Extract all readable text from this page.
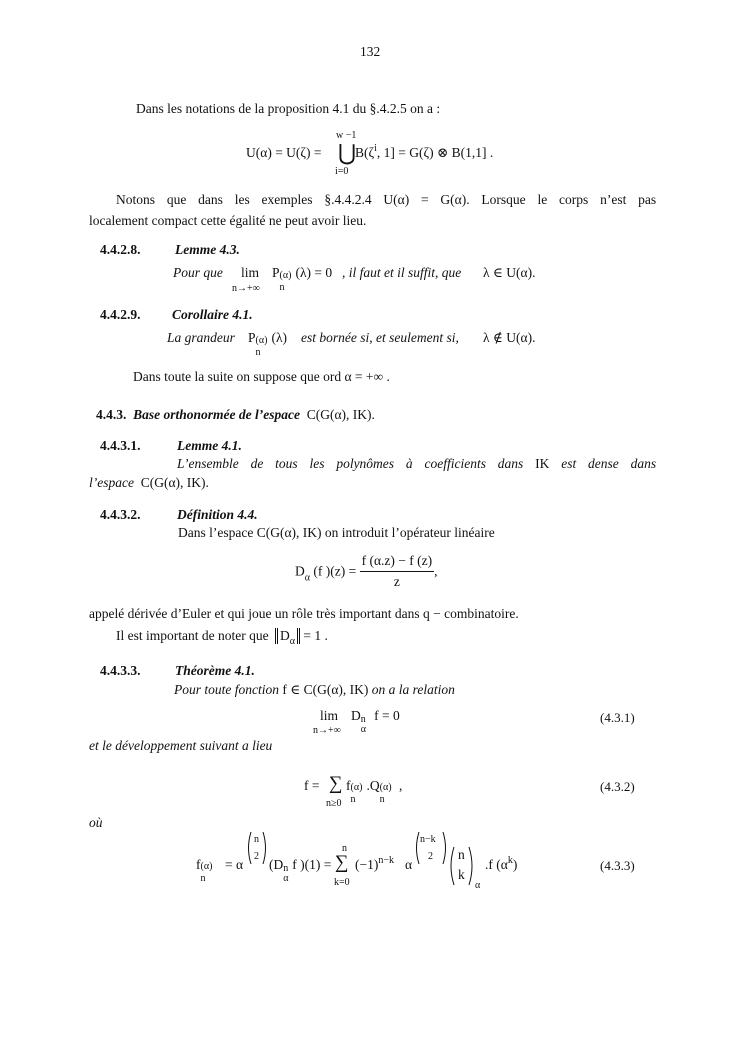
132
Dans les notations de la proposition 4.1 du §.4.2.5 on a :
U(α) = U(ζ) =
w −1
⋃
i=0
$B(\zeta^i$, 1] = G(ζ) ⊗ B(1,1] .
Notons que dans les exemples §.4.4.2.4 U(α) = G(α). Lorsque le corps n’est pas
localement compact cette égalité ne peut avoir lieu.
4.4.2.8.	Lemme 4.3.
Pour que lim
n→+∞
P (α)
n
(λ) = 0 , il faut et il suffit, que λ ∈ U(α).
4.4.2.9. Corollaire 4.1.
La grandeur P (α)
n
(λ) est bornée si, et seulement si, λ ∉ U(α).
Dans toute la suite on suppose que ord α = +∞ .
4.4.3. Base orthonormée de l’espace C(G(α), IK).
4.4.3.1.	Lemme 4.1.
L’ensemble de tous les polynômes à coefficients dans IK est dense dans
l’espace C(G(α), IK).
4.4.3.2.	Définition 4.4.
Dans l’espace C(G(α), IK) on introduit l’opérateur linéaire
$D_\alpha$ (f )$(z) = \frac{f (\alpha.z) - f (z)}{z}$ ,
appelé dérivée d’Euler et qui joue un rôle très important dans q − combinatoire.
Il est important de noter que $D_\alpha = 1$ .
4.4.3.3.	Théorème 4.1.
Pour toute fonction f ∈ C(G(α), IK) on a la relation
lim
n→+∞
D n
α
f = 0	(4.3.1)
et le développement suivant a lieu
f = ∑
n≥0
f (α)
n
.Q (α)
n
,	(4.3.2)
où
f (α)
n
= α
n
2
(D n
α
f )(1) =
n
∑
k=0
$(-1)^{n-k}$ α
n−k
2 n
k
α
.f $(\alpha^k)$	(4.3.3)
